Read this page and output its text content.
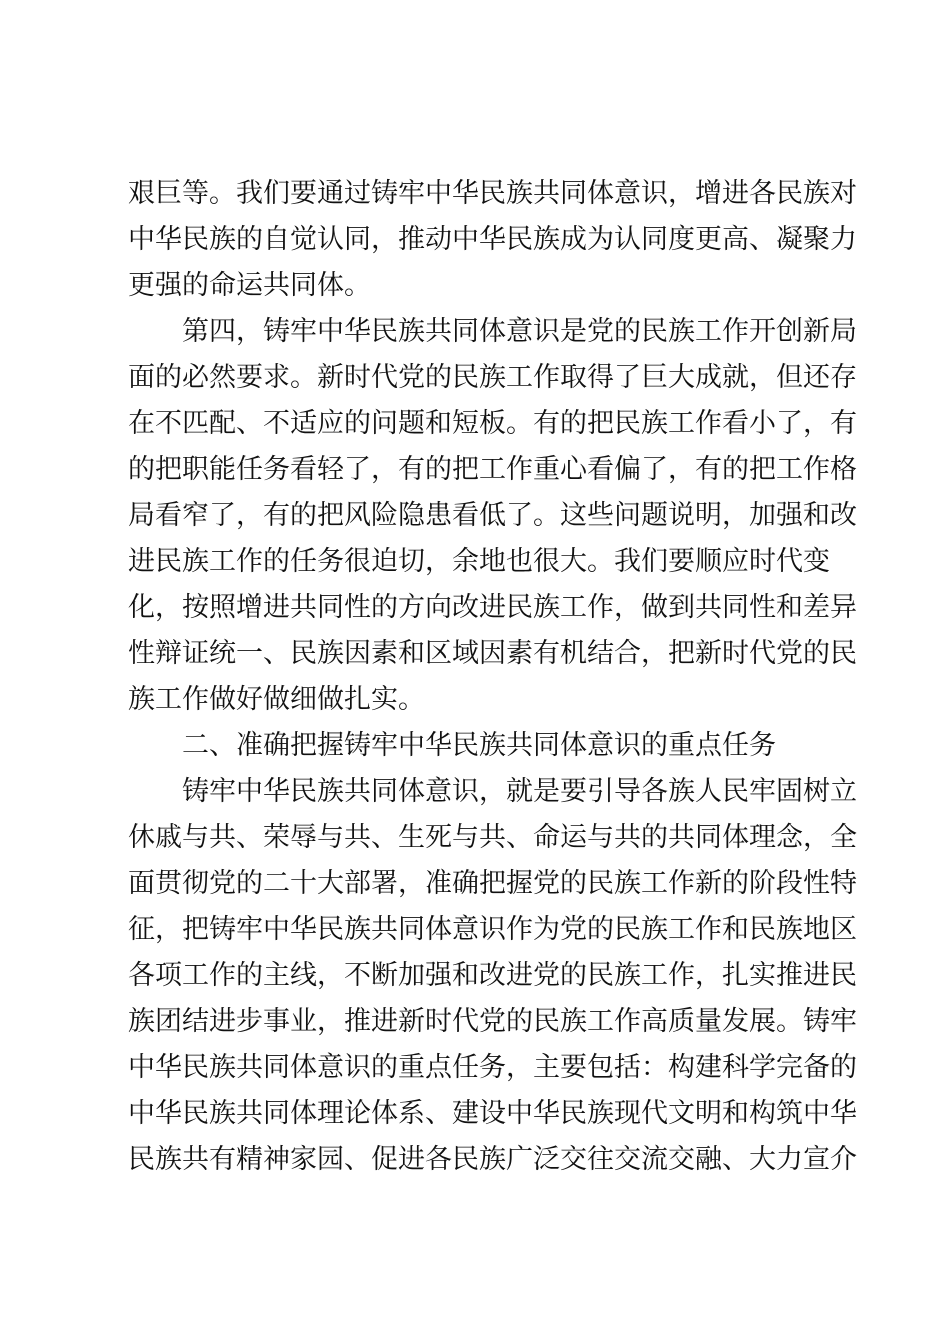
艰巨等。我们要通过铸牢中华民族共同体意识，增进各民族对
中华民族的自觉认同，推动中华民族成为认同度更高、凝聚力
更强的命运共同体。
第四，铸牢中华民族共同体意识是党的民族工作开创新局
面的必然要求。新时代党的民族工作取得了巨大成就，但还存
在不匹配、不适应的问题和短板。有的把民族工作看小了，有
的把职能任务看轻了，有的把工作重心看偏了，有的把工作格
局看窄了，有的把风险隐患看低了。这些问题说明，加强和改
进民族工作的任务很迫切，余地也很大。我们要顺应时代变
化，按照增进共同性的方向改进民族工作，做到共同性和差异
性辩证统一、民族因素和区域因素有机结合，把新时代党的民
族工作做好做细做扎实。
二、准确把握铸牢中华民族共同体意识的重点任务
铸牢中华民族共同体意识，就是要引导各族人民牢固树立
休戚与共、荣辱与共、生死与共、命运与共的共同体理念，全
面贯彻党的二十大部署，准确把握党的民族工作新的阶段性特
征，把铸牢中华民族共同体意识作为党的民族工作和民族地区
各项工作的主线，不断加强和改进党的民族工作，扎实推进民
族团结进步事业，推进新时代党的民族工作高质量发展。铸牢
中华民族共同体意识的重点任务，主要包括：构建科学完备的
中华民族共同体理论体系、建设中华民族现代文明和构筑中华
民族共有精神家园、促进各民族广泛交往交流交融、大力宣介
